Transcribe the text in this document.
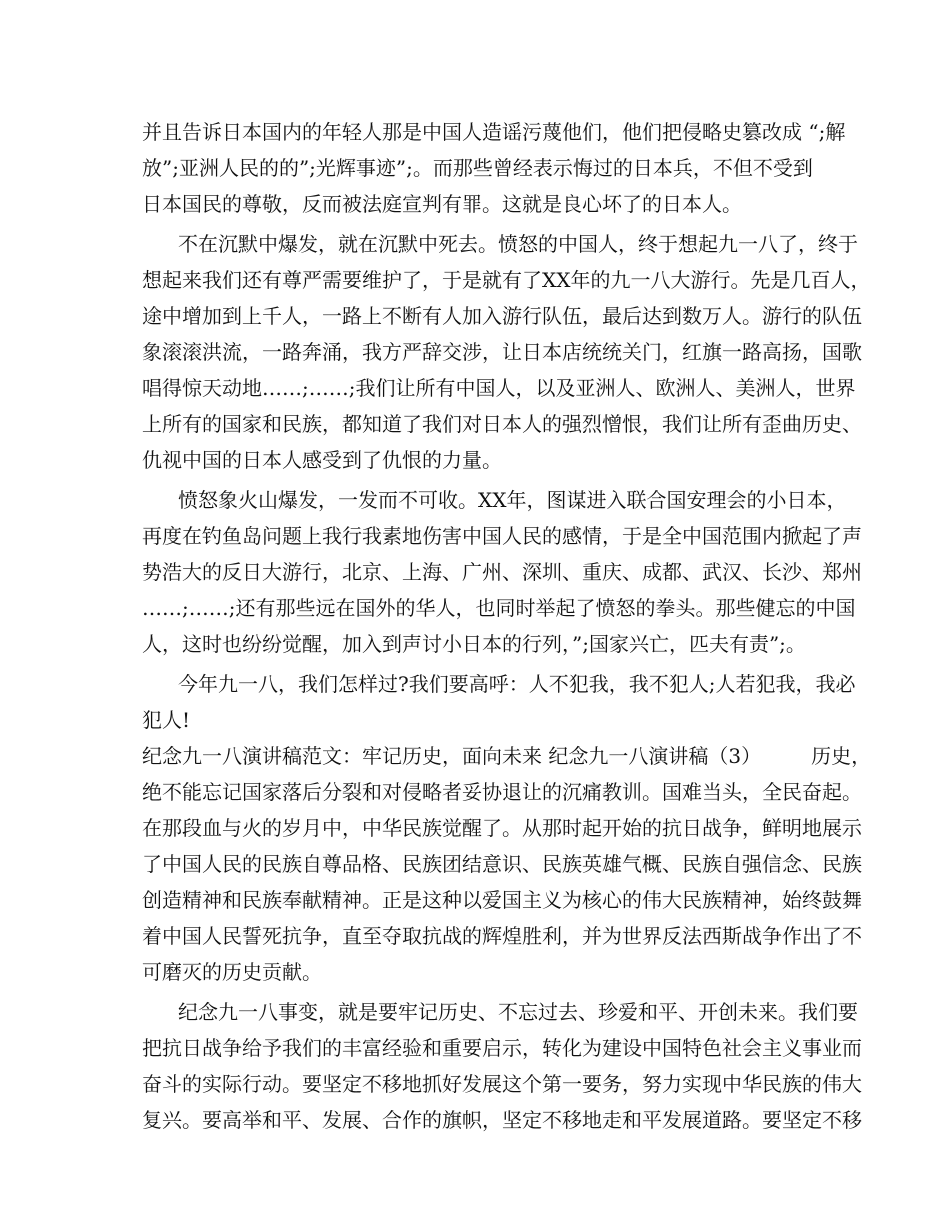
并且告诉日本国内的年轻人那是中国人造谣污蔑他们，他们把侵略史篡改成 “;解
放”;亚洲人民的的”;光辉事迹”;。而那些曾经表示悔过的日本兵，不但不受到
日本国民的尊敬，反而被法庭宣判有罪。这就是良心坏了的日本人。
不在沉默中爆发，就在沉默中死去。愤怒的中国人，终于想起九一八了，终于
想起来我们还有尊严需要维护了，于是就有了XX年的九一八大游行。先是几百人，
途中增加到上千人，一路上不断有人加入游行队伍，最后达到数万人。游行的队伍
象滚滚洪流，一路奔涌，我方严辞交涉，让日本店统统关门，红旗一路高扬，国歌
唱得惊天动地……;……;我们让所有中国人，以及亚洲人、欧洲人、美洲人，世界
上所有的国家和民族，都知道了我们对日本人的强烈憎恨，我们让所有歪曲历史、
仇视中国的日本人感受到了仇恨的力量。
愤怒象火山爆发，一发而不可收。XX年，图谋进入联合国安理会的小日本，
再度在钓鱼岛问题上我行我素地伤害中国人民的感情，于是全中国范围内掀起了声
势浩大的反日大游行，北京、上海、广州、深圳、重庆、成都、武汉、长沙、郑州
……;……;还有那些远在国外的华人，也同时举起了愤怒的拳头。那些健忘的中国
人，这时也纷纷觉醒，加入到声讨小日本的行列，”;国家兴亡，匹夫有责”;。
今年九一八，我们怎样过?我们要高呼：人不犯我，我不犯人;人若犯我，我必
犯人!
纪念九一八演讲稿范文：牢记历史，面向未来 纪念九一八演讲稿（3）　　　历史，
绝不能忘记国家落后分裂和对侵略者妥协退让的沉痛教训。国难当头，全民奋起。
在那段血与火的岁月中，中华民族觉醒了。从那时起开始的抗日战争，鲜明地展示
了中国人民的民族自尊品格、民族团结意识、民族英雄气概、民族自强信念、民族
创造精神和民族奉献精神。正是这种以爱国主义为核心的伟大民族精神，始终鼓舞
着中国人民誓死抗争，直至夺取抗战的辉煌胜利，并为世界反法西斯战争作出了不
可磨灭的历史贡献。
纪念九一八事变，就是要牢记历史、不忘过去、珍爱和平、开创未来。我们要
把抗日战争给予我们的丰富经验和重要启示，转化为建设中国特色社会主义事业而
奋斗的实际行动。要坚定不移地抓好发展这个第一要务，努力实现中华民族的伟大
复兴。要高举和平、发展、合作的旗帜，坚定不移地走和平发展道路。要坚定不移
